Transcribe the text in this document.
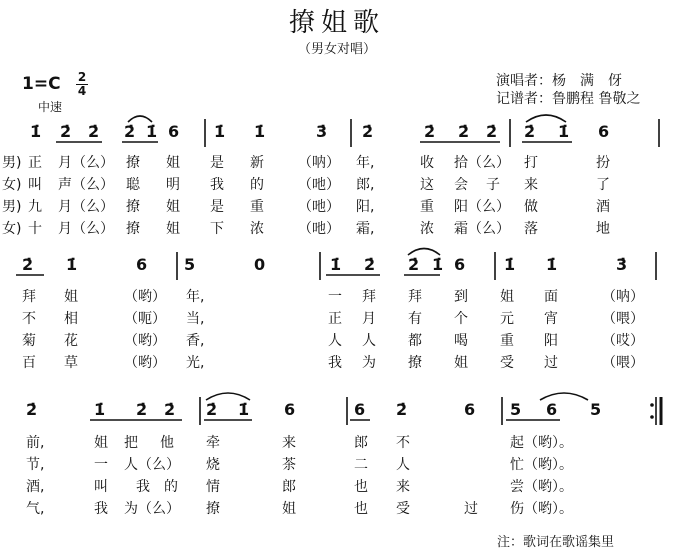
撩姐歌
（男女对唱）
1=C 2
4
中速
演唱者：杨　满　伢
记谱者：鲁鹏程 鲁敬之
1̇ 2̇ 2̇ 2̇ 1̇ 6 1̇ 1̇	3̇ 2̇	2̇ 2̇ 2̇ 2̇ 1̇ 6
男) 正 月（么） 撩 姐 是 新 （呐） 年,	收 拾（么） 打	扮
女) 叫 声（么） 聪 明 我 的 （吔） 郎,	这 会 子 来	了
男) 九 月（么） 撩 姐 是 重 （吔） 阳,	重 阳（么） 做	酒
女) 十 月（么） 撩 姐 下 浓 （吔） 霜,	浓 霜（么） 落	地
2̇ 1̇	6 5	0	1̇ 2̇ 2̇ 1̇ 6 1̇ 1̇	3̇
拜 姐	（哟） 年,	一 拜 拜 到 姐 面	（呐）
不 相	（呃） 当,	正 月 有 个 元 宵	（喂）
菊 花	（哟） 香,	人 人 都 喝 重 阳	（哎）
百 草	（哟） 光,	我 为 撩 姐 受 过	（喂）
2̇	1̇ 2̇ 2̇ 2̇ 1̇ 6	6 2̇	6 5 6 5
前,	姐 把 他 牵	来	郎 不	起（哟）。
节,	一 人（么） 烧	茶	二 人	忙（哟）。
酒,	叫 我 的 情	郎	也 来	尝（哟）。
气,	我 为（么） 撩	姐	也 受	过 伤（哟）。
注：歌词在歌谣集里
